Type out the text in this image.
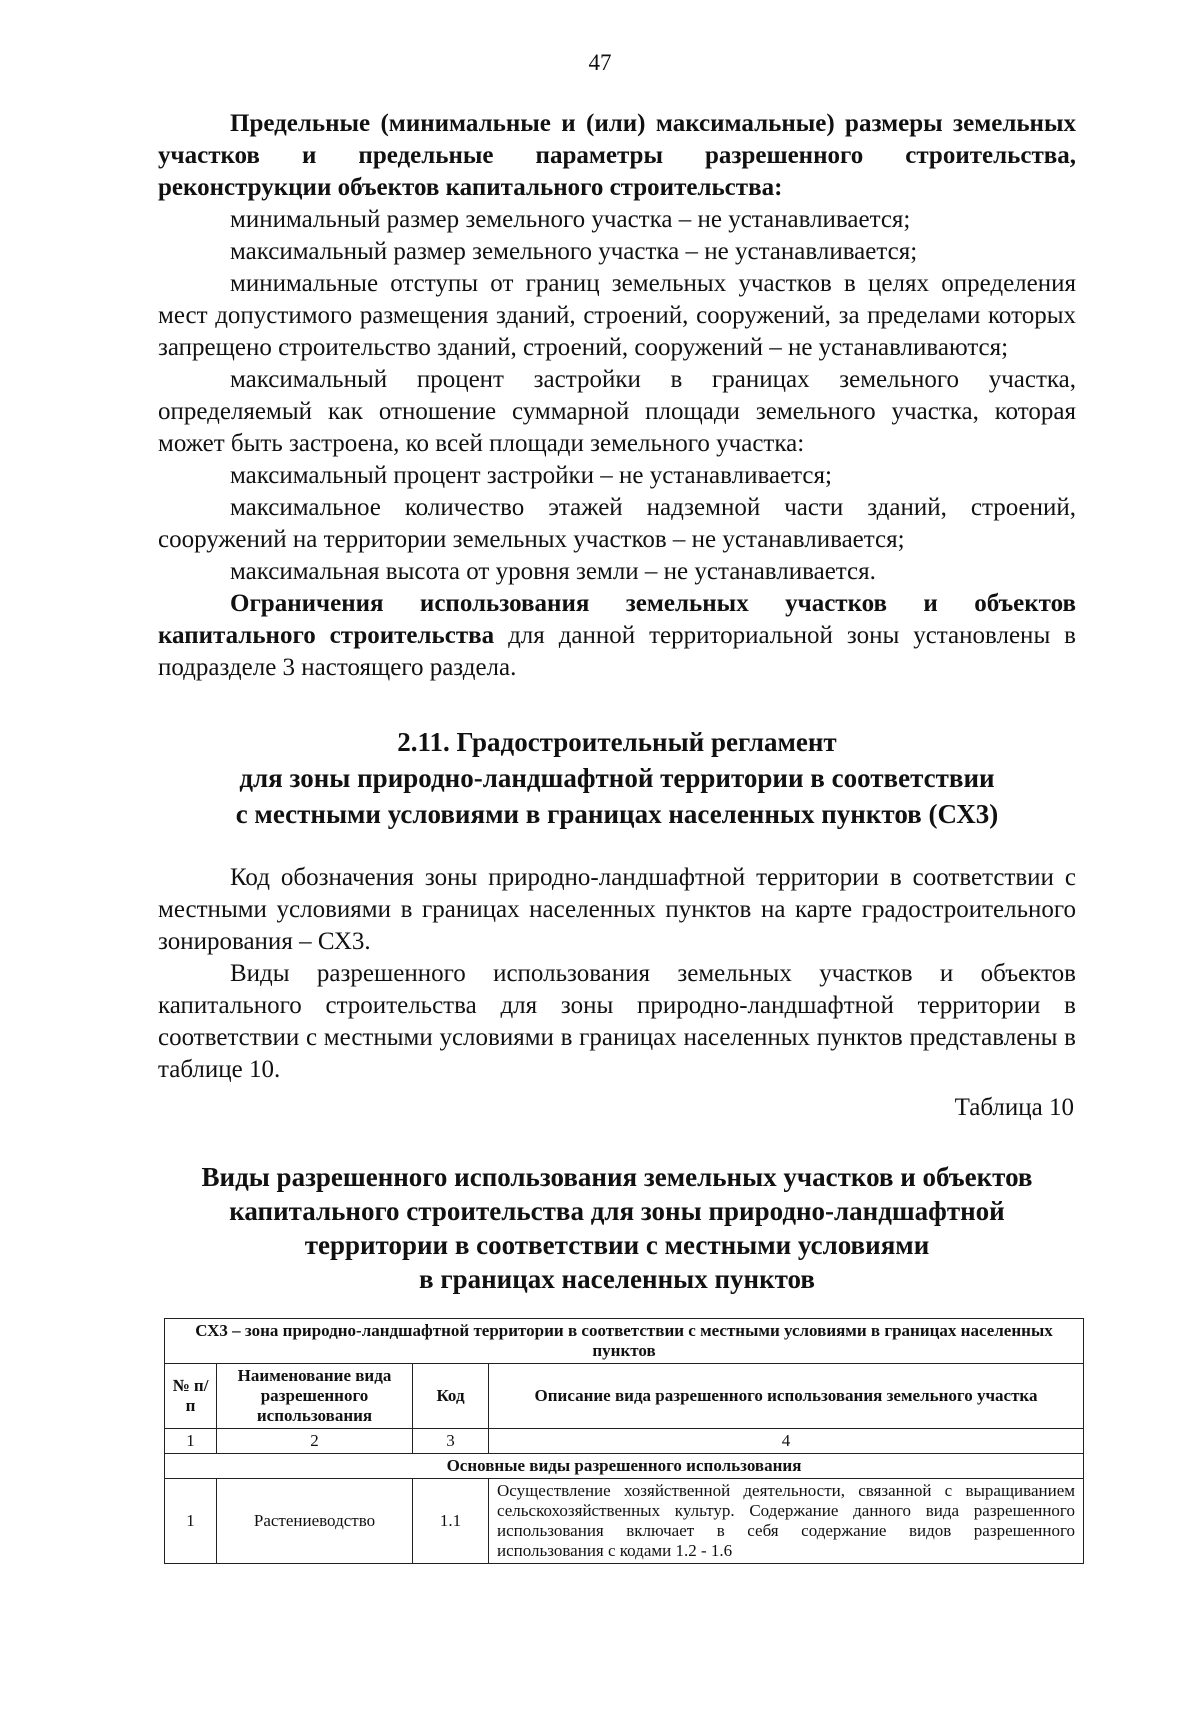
47

Предельные (минимальные и (или) максимальные) размеры земельных участков и предельные параметры разрешенного строительства, реконструкции объектов капитального строительства:

минимальный размер земельного участка – не устанавливается;

максимальный размер земельного участка – не устанавливается;

минимальные отступы от границ земельных участков в целях определения мест допустимого размещения зданий, строений, сооружений, за пределами которых запрещено строительство зданий, строений, сооружений – не устанавливаются;

максимальный процент застройки в границах земельного участка, определяемый как отношение суммарной площади земельного участка, которая может быть застроена, ко всей площади земельного участка:

максимальный процент застройки – не устанавливается;

максимальное количество этажей надземной части зданий, строений, сооружений на территории земельных участков – не устанавливается;

максимальная высота от уровня земли – не устанавливается.

Ограничения использования земельных участков и объектов капитального строительства для данной территориальной зоны установлены в подразделе 3 настоящего раздела.

2.11. Градостроительный регламент
для зоны природно-ландшафтной территории в соответствии
с местными условиями в границах населенных пунктов (СХ3)

Код обозначения зоны природно-ландшафтной территории в соответствии с местными условиями в границах населенных пунктов на карте градостроительного зонирования – СХ3.

Виды разрешенного использования земельных участков и объектов капитального строительства для зоны природно-ландшафтной территории в соответствии с местными условиями в границах населенных пунктов представлены в таблице 10.

Таблица 10

Виды разрешенного использования земельных участков и объектов
капитального строительства для зоны природно-ландшафтной
территории в соответствии с местными условиями
в границах населенных пунктов
СХ3 – зона природно-ландшафтной территории в соответствии с местными условиями в границах населенных пунктов			
№ п/п	Наименование вида разрешенного использования	Код	Описание вида разрешенного использования земельного участка
1	2	3	4
Основные виды разрешенного использования			
1	Растениеводство	1.1	Осуществление хозяйственной деятельности, связанной с выращиванием сельскохозяйственных культур. Содержание данного вида разрешенного использования включает в себя содержание видов разрешенного использования с кодами 1.2 - 1.6
